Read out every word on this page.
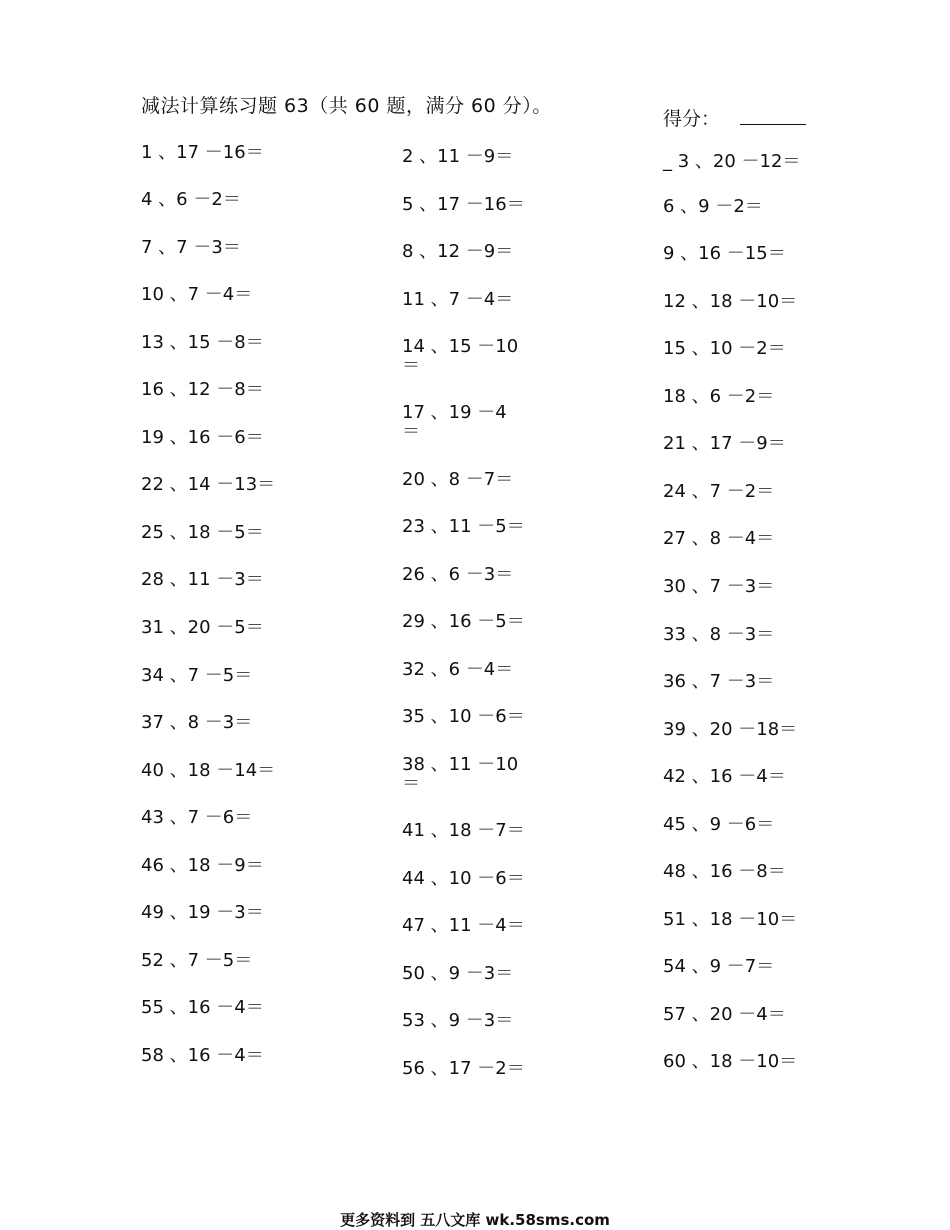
减法计算练习题 63（共 60 题，满分 60 分）。
得分：
1 、17 －16＝
4 、6 －2＝
7 、7 －3＝
10 、7 －4＝
13 、15 －8＝
16 、12 －8＝
19 、16 －6＝
22 、14 －13＝
25 、18 －5＝
28 、11 －3＝
31 、20 －5＝
34 、7 －5＝
37 、8 －3＝
40 、18 －14＝
43 、7 －6＝
46 、18 －9＝
49 、19 －3＝
52 、7 －5＝
55 、16 －4＝
58 、16 －4＝
2 、11 －9＝
5 、17 －16＝
8 、12 －9＝
11 、7 －4＝
14 、15 －10
＝
17 、19 －4
＝
20 、8 －7＝
23 、11 －5＝
26 、6 －3＝
29 、16 －5＝
32 、6 －4＝
35 、10 －6＝
38 、11 －10
＝
41 、18 －7＝
44 、10 －6＝
47 、11 －4＝
50 、9 －3＝
53 、9 －3＝
56 、17 －2＝
_ 3 、20 －12＝
6 、9 －2＝
9 、16 －15＝
12 、18 －10＝
15 、10 －2＝
18 、6 －2＝
21 、17 －9＝
24 、7 －2＝
27 、8 －4＝
30 、7 －3＝
33 、8 －3＝
36 、7 －3＝
39 、20 －18＝
42 、16 －4＝
45 、9 －6＝
48 、16 －8＝
51 、18 －10＝
54 、9 －7＝
57 、20 －4＝
60 、18 －10＝
更多资料到 五八文库 wk.58sms.com
